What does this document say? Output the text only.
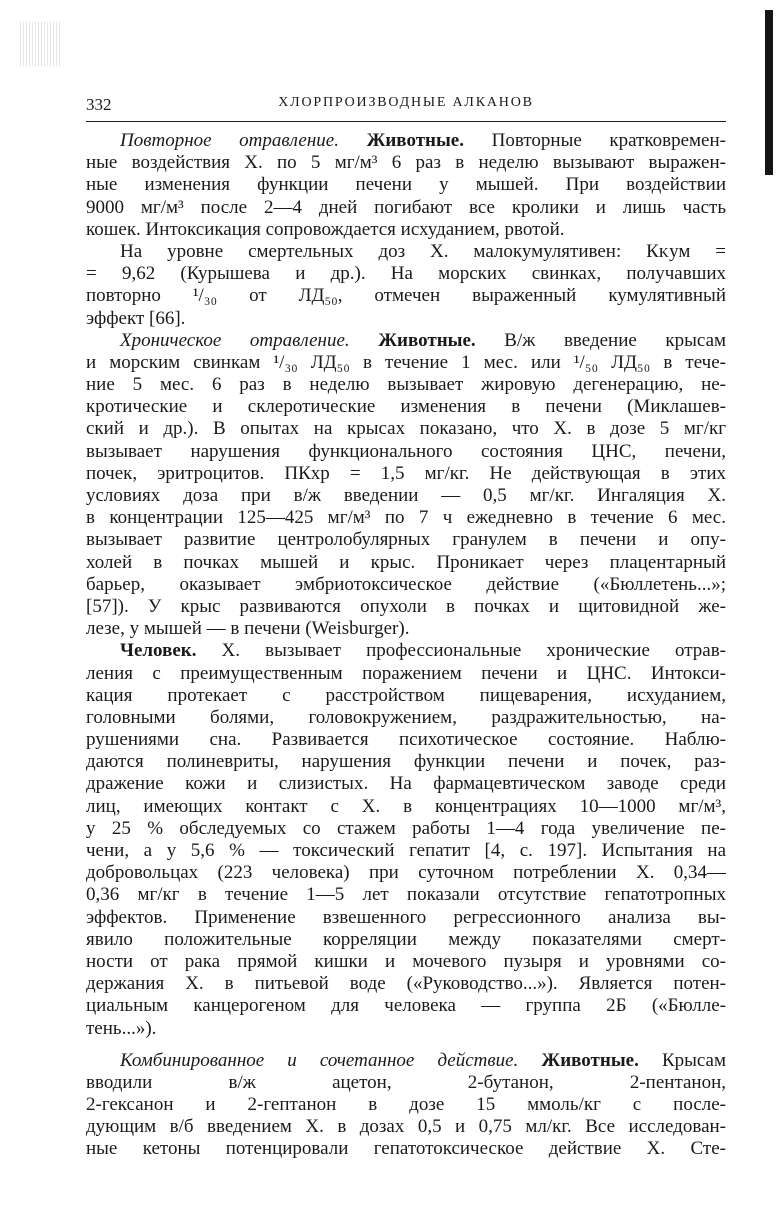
332	ХЛОРПРОИЗВОДНЫЕ АЛКАНОВ
Повторное отравление. Животные. Повторные кратковремен-
ные воздействия Х. по 5 мг/м³ 6 раз в неделю вызывают выражен-
ные изменения функции печени у мышей. При воздействии
9000 мг/м³ после 2—4 дней погибают все кролики и лишь часть
кошек. Интоксикация сопровождается исхуданием, рвотой.
На уровне смертельных доз Х. малокумулятивен: Кᴋум =
= 9,62 (Курышева и др.). На морских свинках, получавших
повторно ¹/₃₀ от ЛД₅₀, отмечен выраженный кумулятивный
эффект [66].
Хроническое отравление. Животные. В/ж введение крысам
и морским свинкам ¹/₃₀ ЛД₅₀ в течение 1 мес. или ¹/₅₀ ЛД₅₀ в тече-
ние 5 мес. 6 раз в неделю вызывает жировую дегенерацию, не-
кротические и склеротические изменения в печени (Миклашев-
ский и др.). В опытах на крысах показано, что Х. в дозе 5 мг/кг
вызывает нарушения функционального состояния ЦНС, печени,
почек, эритроцитов. ПКхр = 1,5 мг/кг. Не действующая в этих
условиях доза при в/ж введении — 0,5 мг/кг. Ингаляция Х.
в концентрации 125—425 мг/м³ по 7 ч ежедневно в течение 6 мес.
вызывает развитие центролобулярных гранулем в печени и опу-
холей в почках мышей и крыс. Проникает через плацентарный
барьер, оказывает эмбриотоксическое действие («Бюллетень...»;
[57]). У крыс развиваются опухоли в почках и щитовидной же-
лезе, у мышей — в печени (Weisburger).
Человек. Х. вызывает профессиональные хронические отрав-
ления с преимущественным поражением печени и ЦНС. Интокси-
кация протекает с расстройством пищеварения, исхуданием,
головными болями, головокружением, раздражительностью, на-
рушениями сна. Развивается психотическое состояние. Наблю-
даются полиневриты, нарушения функции печени и почек, раз-
дражение кожи и слизистых. На фармацевтическом заводе среди
лиц, имеющих контакт с Х. в концентрациях 10—1000 мг/м³,
у 25 % обследуемых со стажем работы 1—4 года увеличение пе-
чени, а у 5,6 % — токсический гепатит [4, с. 197]. Испытания на
добровольцах (223 человека) при суточном потреблении Х. 0,34—
0,36 мг/кг в течение 1—5 лет показали отсутствие гепатотропных
эффектов. Применение взвешенного регрессионного анализа вы-
явило положительные корреляции между показателями смерт-
ности от рака прямой кишки и мочевого пузыря и уровнями со-
держания Х. в питьевой воде («Руководство...»). Является потен-
циальным канцерогеном для человека — группа 2Б («Бюлле-
тень...»).
Комбинированное и сочетанное действие. Животные. Крысам
вводили в/ж ацетон, 2-бутанон, 2-пентанон,
2-гексанон и 2-гептанон в дозе 15 ммоль/кг с после-
дующим в/б введением Х. в дозах 0,5 и 0,75 мл/кг. Все исследован-
ные кетоны потенцировали гепатотоксическое действие Х. Сте-
